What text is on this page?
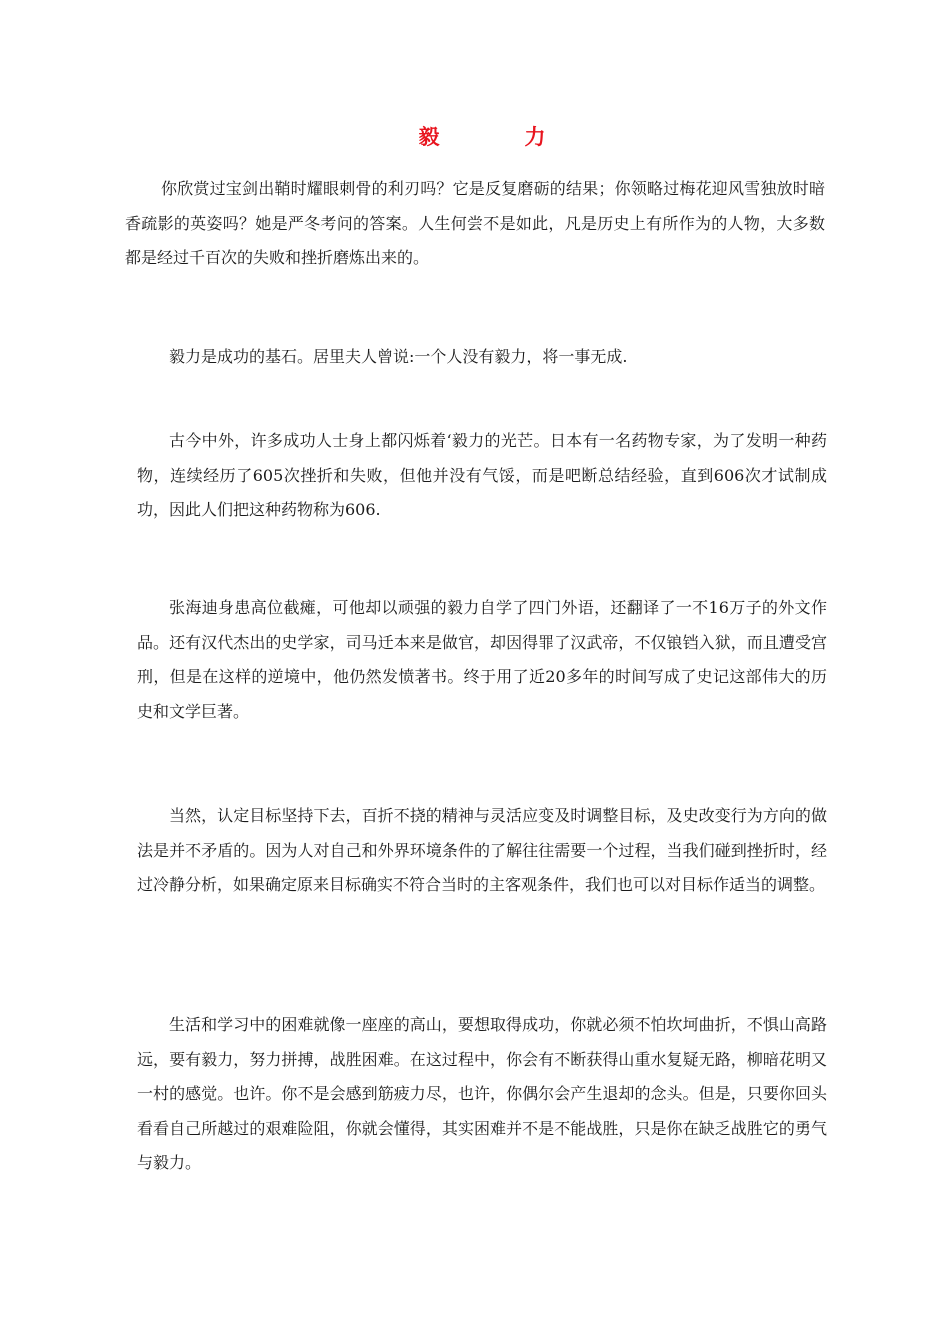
毅　力

你欣赏过宝剑出鞘时耀眼刺骨的利刃吗？它是反复磨砺的结果；你领略过梅花迎风雪独放时暗香疏影的英姿吗？她是严冬考问的答案。人生何尝不是如此，凡是历史上有所作为的人物，大多数都是经过千百次的失败和挫折磨炼出来的。

毅力是成功的基石。居里夫人曾说:一个人没有毅力，将一事无成.

古今中外，许多成功人士身上都闪烁着‘毅力的光芒。日本有一名药物专家，为了发明一种药物，连续经历了605次挫折和失败，但他并没有气馁，而是吧断总结经验，直到606次才试制成功，因此人们把这种药物称为606.

张海迪身患高位截瘫，可他却以顽强的毅力自学了四门外语，还翻译了一不16万子的外文作品。还有汉代杰出的史学家，司马迁本来是做官，却因得罪了汉武帝，不仅锒铛入狱，而且遭受宫刑，但是在这样的逆境中，他仍然发愤著书。终于用了近20多年的时间写成了史记这部伟大的历史和文学巨著。

当然，认定目标坚持下去，百折不挠的精神与灵活应变及时调整目标，及史改变行为方向的做法是并不矛盾的。因为人对自己和外界环境条件的了解往往需要一个过程，当我们碰到挫折时，经过冷静分析，如果确定原来目标确实不符合当时的主客观条件，我们也可以对目标作适当的调整。

生活和学习中的困难就像一座座的高山，要想取得成功，你就必须不怕坎坷曲折，不惧山高路远，要有毅力，努力拼搏，战胜困难。在这过程中，你会有不断获得山重水复疑无路，柳暗花明又一村的感觉。也许。你不是会感到筋疲力尽，也许，你偶尔会产生退却的念头。但是，只要你回头看看自己所越过的艰难险阻，你就会懂得，其实困难并不是不能战胜，只是你在缺乏战胜它的勇气与毅力。
